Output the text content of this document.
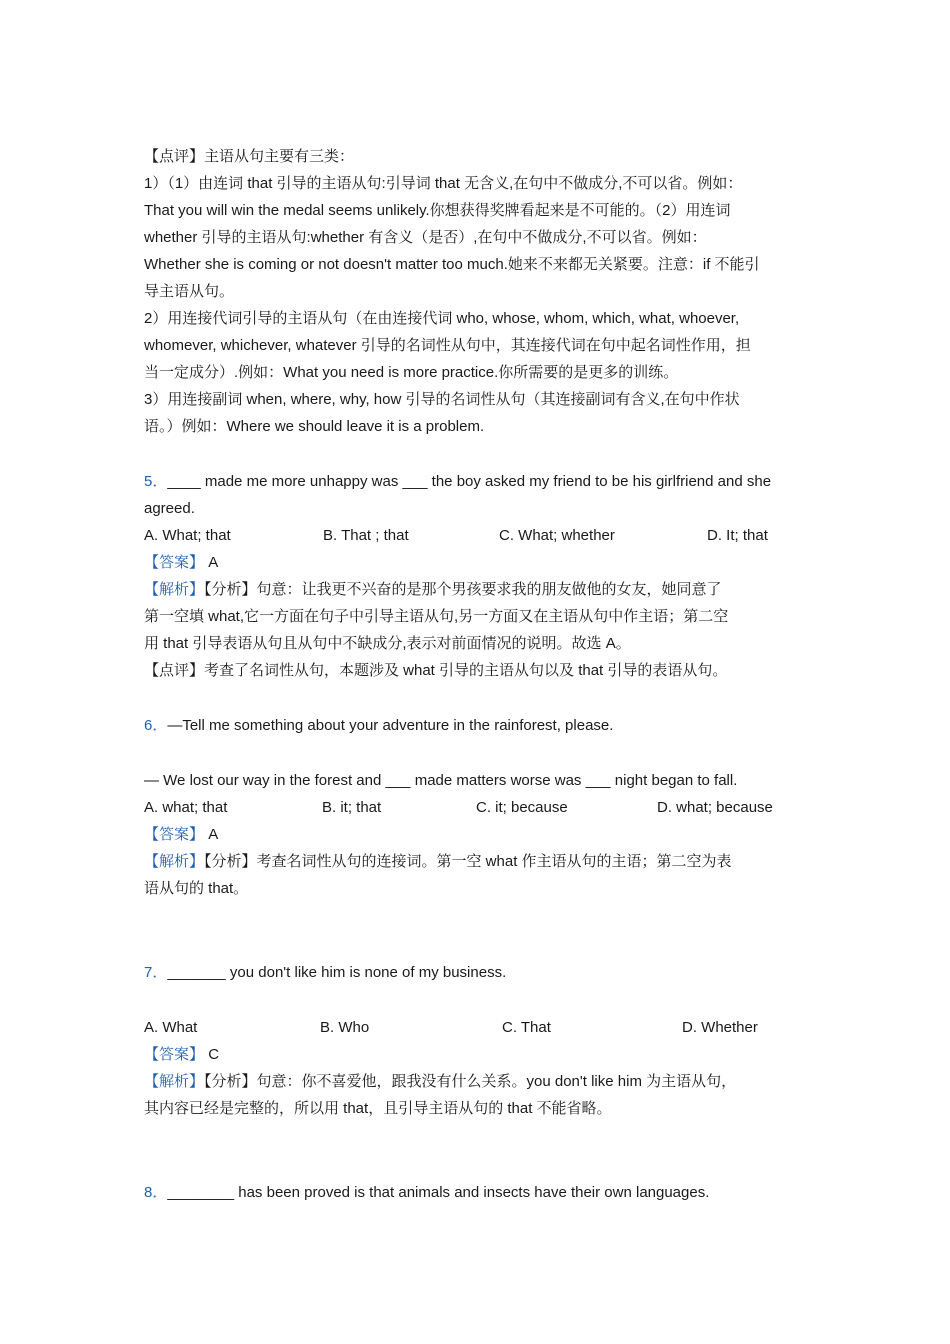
【点评】主语从句主要有三类：

1）（1）由连词 that 引导的主语从句:引导词 that 无含义,在句中不做成分,不可以省。例如：

That you will win the medal seems unlikely.你想获得奖牌看起来是不可能的。（2）用连词

whether 引导的主语从句:whether 有含义（是否）,在句中不做成分,不可以省。例如：

Whether she is coming or not doesn't matter too much.她来不来都无关紧要。注意：if 不能引

导主语从句。

2）用连接代词引导的主语从句（在由连接代词 who, whose, whom, which, what, whoever,

whomever, whichever, whatever 引导的名词性从句中，其连接代词在句中起名词性作用，担

当一定成分）.例如：What you need is more practice.你所需要的是更多的训练。

3）用连接副词 when, where, why, how 引导的名词性从句（其连接副词有含义,在句中作状

语。）例如：Where we should leave it is a problem.

5．____ made me more unhappy was ___ the boy asked my friend to be his girlfriend and she

agreed.

A. What; that	B. That ; that	C. What; whether	D. It; that

【答案】 A

【解析】【分析】句意：让我更不兴奋的是那个男孩要求我的朋友做他的女友，她同意了

第一空填 what,它一方面在句子中引导主语从句,另一方面又在主语从句中作主语；第二空

用 that 引导表语从句且从句中不缺成分,表示对前面情况的说明。故选 A。

【点评】考查了名词性从句，本题涉及 what 引导的主语从句以及 that 引导的表语从句。

6．—Tell me something about your adventure in the rainforest, please.

— We lost our way in the forest and ___ made matters worse was ___ night began to fall.

A. what; that	B. it; that	C. it; because	D. what; because

【答案】 A

【解析】【分析】考查名词性从句的连接词。第一空 what 作主语从句的主语；第二空为表

语从句的 that。

7．_______ you don't like him is none of my business.

A. What	B. Who	C. That	D. Whether

【答案】 C

【解析】【分析】句意：你不喜爱他，跟我没有什么关系。you don't like him 为主语从句，

其内容已经是完整的，所以用 that，且引导主语从句的 that 不能省略。

8．________ has been proved is that animals and insects have their own languages.
